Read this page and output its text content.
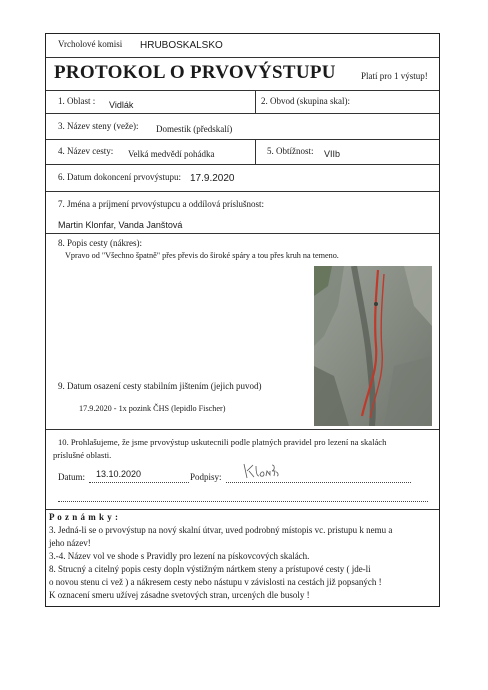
Vrcholové komisi HRUBOSKALSKO
PROTOKOL O PRVOVÝSTUPU	Platí pro 1 výstup!
1. Oblast : Vidlák	2. Obvod (skupina skal):
3. Název steny (veže): Domestik (předskalí)
4. Název cesty: Velká medvědí pohádka	5. Obtížnost: VIIb
6. Datum dokoncení prvovýstupu: 17.9.2020
7. Jména a príjmení prvovýstupcu a oddílová príslušnost:
Martin Klonfar, Vanda Janštová
8. Popis cesty (nákres):
Vpravo od "Všechno špatně" přes převis do široké spáry a tou přes kruh na temeno.
9. Datum osazení cesty stabilním jištením (jejich puvod)
17.9.2020 - 1x pozink ČHS (lepidlo Fischer)
10. Prohlašujeme, že jsme prvovýstup uskutecnili podle platných pravidel pro lezení na skalách
príslušné oblasti.
Datum: 13.10.2020	Podpisy:
P o z n á m k y :
3. Jedná-li se o prvovýstup na nový skalní útvar, uved podrobný místopis vc. pristupu k nemu a
jeho název!
3.-4. Název vol ve shode s Pravidly pro lezení na pískovcových skalách.
8. Strucný a citelný popis cesty dopln výstižným nártkem steny a prístupové cesty ( jde-li
o novou stenu ci vež ) a nákresem cesty nebo nástupu v závislosti na cestách již popsaných !
K oznacení smeru užívej zásadne svetových stran, urcených dle busoly !
